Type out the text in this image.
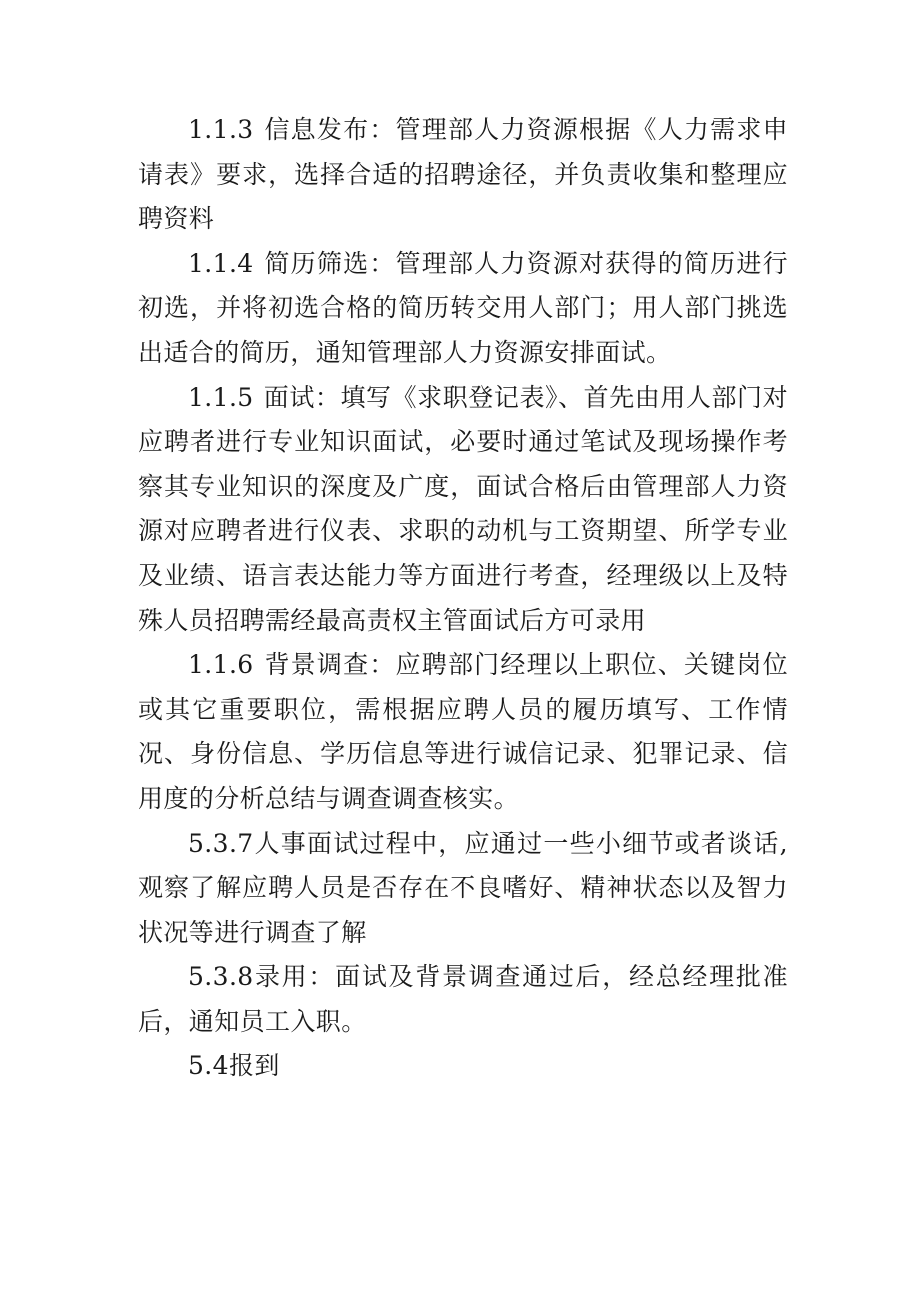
1.1.3 信息发布：管理部人力资源根据《人力需求申请表》要求，选择合适的招聘途径，并负责收集和整理应聘资料

1.1.4 简历筛选：管理部人力资源对获得的简历进行初选，并将初选合格的简历转交用人部门；用人部门挑选出适合的简历，通知管理部人力资源安排面试。

1.1.5 面试：填写《求职登记表》、首先由用人部门对应聘者进行专业知识面试，必要时通过笔试及现场操作考察其专业知识的深度及广度，面试合格后由管理部人力资源对应聘者进行仪表、求职的动机与工资期望、所学专业及业绩、语言表达能力等方面进行考查，经理级以上及特殊人员招聘需经最高责权主管面试后方可录用

1.1.6 背景调查：应聘部门经理以上职位、关键岗位或其它重要职位，需根据应聘人员的履历填写、工作情况、身份信息、学历信息等进行诚信记录、犯罪记录、信用度的分析总结与调查调查核实。

5.3.7人事面试过程中，应通过一些小细节或者谈话,观察了解应聘人员是否存在不良嗜好、精神状态以及智力状况等进行调查了解

5.3.8录用：面试及背景调查通过后，经总经理批准后，通知员工入职。

5.4报到
